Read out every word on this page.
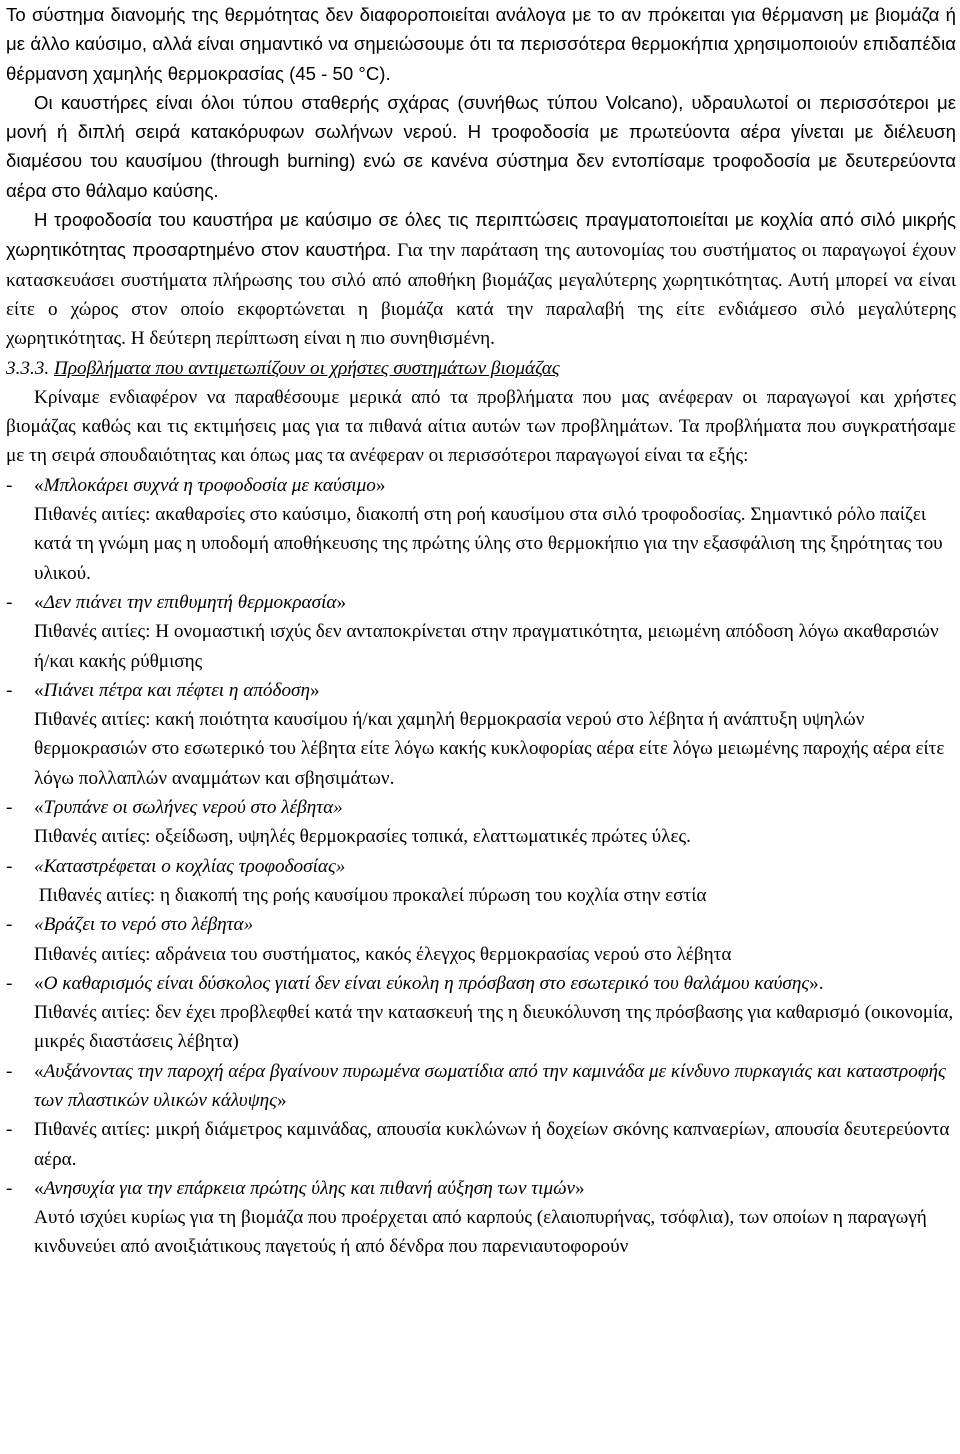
Το σύστημα διανομής της θερμότητας δεν διαφοροποιείται ανάλογα με το αν πρόκειται για θέρμανση με βιομάζα ή με άλλο καύσιμο, αλλά είναι σημαντικό να σημειώσουμε ότι τα περισσότερα θερμοκήπια χρησιμοποιούν επιδαπέδια θέρμανση χαμηλής θερμοκρασίας (45 - 50 °C).

Οι καυστήρες είναι όλοι τύπου σταθερής σχάρας (συνήθως τύπου Volcano), υδραυλωτοί οι περισσότεροι με μονή ή διπλή σειρά κατακόρυφων σωλήνων νερού. Η τροφοδοσία με πρωτεύοντα αέρα γίνεται με διέλευση διαμέσου του καυσίμου (through burning) ενώ σε κανένα σύστημα δεν εντοπίσαμε τροφοδοσία με δευτερεύοντα αέρα στο θάλαμο καύσης.

Η τροφοδοσία του καυστήρα με καύσιμο σε όλες τις περιπτώσεις πραγματοποιείται με κοχλία από σιλό μικρής χωρητικότητας προσαρτημένο στον καυστήρα. Για την παράταση της αυτονομίας του συστήματος οι παραγωγοί έχουν κατασκευάσει συστήματα πλήρωσης του σιλό από αποθήκη βιομάζας μεγαλύτερης χωρητικότητας. Αυτή μπορεί να είναι είτε ο χώρος στον οποίο εκφορτώνεται η βιομάζα κατά την παραλαβή της είτε ενδιάμεσο σιλό μεγαλύτερης χωρητικότητας. Η δεύτερη περίπτωση είναι η πιο συνηθισμένη.

3.3.3. Προβλήματα που αντιμετωπίζουν οι χρήστες συστημάτων βιομάζας

Κρίναμε ενδιαφέρον να παραθέσουμε μερικά από τα προβλήματα που μας ανέφεραν οι παραγωγοί και χρήστες βιομάζας καθώς και τις εκτιμήσεις μας για τα πιθανά αίτια αυτών των προβλημάτων. Τα προβλήματα που συγκρατήσαμε με τη σειρά σπουδαιότητας και όπως μας τα ανέφεραν οι περισσότεροι παραγωγοί είναι τα εξής:

-	«Μπλοκάρει συχνά η τροφοδοσία με καύσιμο»

Πιθανές αιτίες: ακαθαρσίες στο καύσιμο, διακοπή στη ροή καυσίμου στα σιλό τροφοδοσίας. Σημαντικό ρόλο παίζει κατά τη γνώμη μας η υποδομή αποθήκευσης της πρώτης ύλης στο θερμοκήπιο για την εξασφάλιση της ξηρότητας του υλικού.

-	«Δεν πιάνει την επιθυμητή θερμοκρασία»

Πιθανές αιτίες: Η ονομαστική ισχύς δεν ανταποκρίνεται στην πραγματικότητα, μειωμένη απόδοση λόγω ακαθαρσιών ή/και κακής ρύθμισης

-	«Πιάνει πέτρα και πέφτει η απόδοση»

Πιθανές αιτίες: κακή ποιότητα καυσίμου ή/και χαμηλή θερμοκρασία νερού στο λέβητα ή ανάπτυξη υψηλών θερμοκρασιών στο εσωτερικό του λέβητα είτε λόγω κακής κυκλοφορίας αέρα είτε λόγω μειωμένης παροχής αέρα είτε λόγω πολλαπλών αναμμάτων και σβησιμάτων.

-	«Τρυπάνε οι σωλήνες νερού στο λέβητα»

Πιθανές αιτίες: οξείδωση, υψηλές θερμοκρασίες τοπικά, ελαττωματικές πρώτες ύλες.

-	«Καταστρέφεται ο κοχλίας τροφοδοσίας»

Πιθανές αιτίες: η διακοπή της ροής καυσίμου προκαλεί πύρωση του κοχλία στην εστία

-	«Βράζει το νερό στο λέβητα»

Πιθανές αιτίες: αδράνεια του συστήματος, κακός έλεγχος θερμοκρασίας νερού στο λέβητα

-	«Ο καθαρισμός είναι δύσκολος γιατί δεν είναι εύκολη η πρόσβαση στο εσωτερικό του θαλάμου καύσης».

Πιθανές αιτίες: δεν έχει προβλεφθεί κατά την κατασκευή της η διευκόλυνση της πρόσβασης για καθαρισμό (οικονομία, μικρές διαστάσεις λέβητα)

-	«Αυξάνοντας την παροχή αέρα βγαίνουν πυρωμένα σωματίδια από την καμινάδα με κίνδυνο πυρκαγιάς και καταστροφής των πλαστικών υλικών κάλυψης»

-	Πιθανές αιτίες: μικρή διάμετρος καμινάδας, απουσία κυκλώνων ή δοχείων σκόνης καπναερίων, απουσία δευτερεύοντα αέρα.

-	«Ανησυχία για την επάρκεια πρώτης ύλης και πιθανή αύξηση των τιμών»

Αυτό ισχύει κυρίως για τη βιομάζα που προέρχεται από καρπούς (ελαιοπυρήνας, τσόφλια), των οποίων η παραγωγή κινδυνεύει από ανοιξιάτικους παγετούς ή από δένδρα που παρενιαυτοφορούν
